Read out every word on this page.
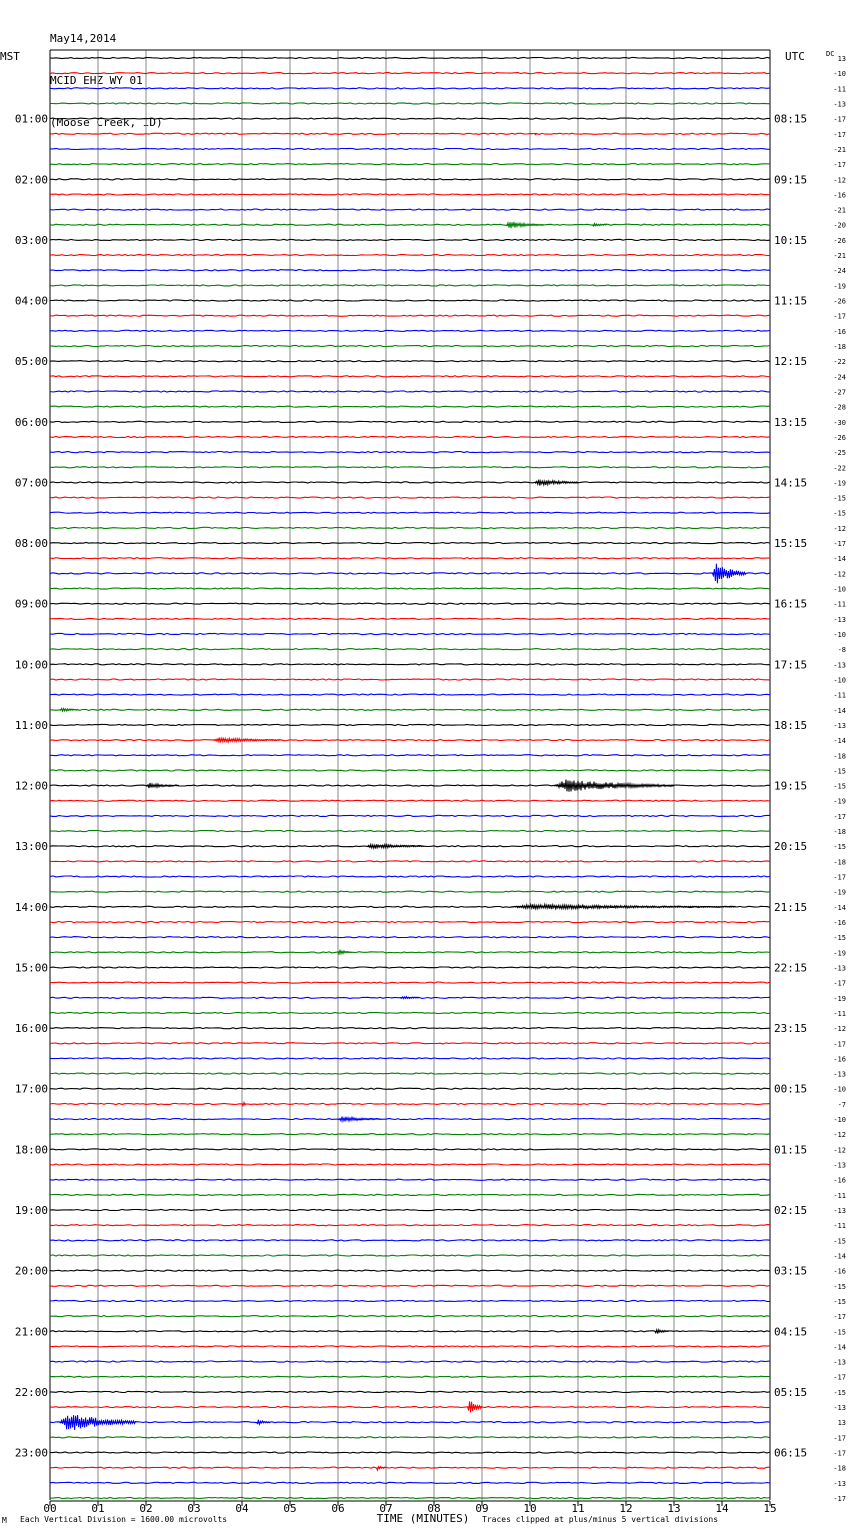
May14,2014

MCID EHZ WY 01

(Moose Creek, ID)

MST	UTC	DC
01:00
02:00
03:00
04:00
05:00
06:00
07:00
08:00
09:00
10:00
11:00
12:00
13:00
14:00
15:00
16:00
17:00
18:00
19:00
20:00
21:00
22:00
23:00
08:15
09:15
10:15
11:15
12:15
13:15
14:15
15:15
16:15
17:15
18:15
19:15
20:15
21:15
22:15
23:15
00:15
01:15
02:15
03:15
04:15
05:15
06:15
13
-10
-11
-13
-17
-17
-21
-17
-12
-16
-21
-20
-26
-21
-24
-19
-26
-17
-16
-18
-22
-24
-27
-28
-30
-26
-25
-22
-19
-15
-15
-12
-17
-14
-12
-10
-11
-13
-10
-8
-13
-10
-11
-14
-13
-14
-18
-15
-15
-19
-17
-18
-15
-18
-17
-19
-14
-16
-15
-19
-13
-17
-19
-11
-12
-17
-16
-13
-10
-7
-10
-12
-12
-13
-16
-11
-13
-11
-15
-14
-16
-15
-15
-17
-15
-14
-13
-17
-15
-13
13
-17
-17
-18
-13
-17
00	01	02	03	04	05	06	07	08	09	10	11	12	13	14	15
TIME (MINUTES)
M Each Vertical Division = 1600.00 microvolts	Traces clipped at plus/minus 5 vertical divisions
